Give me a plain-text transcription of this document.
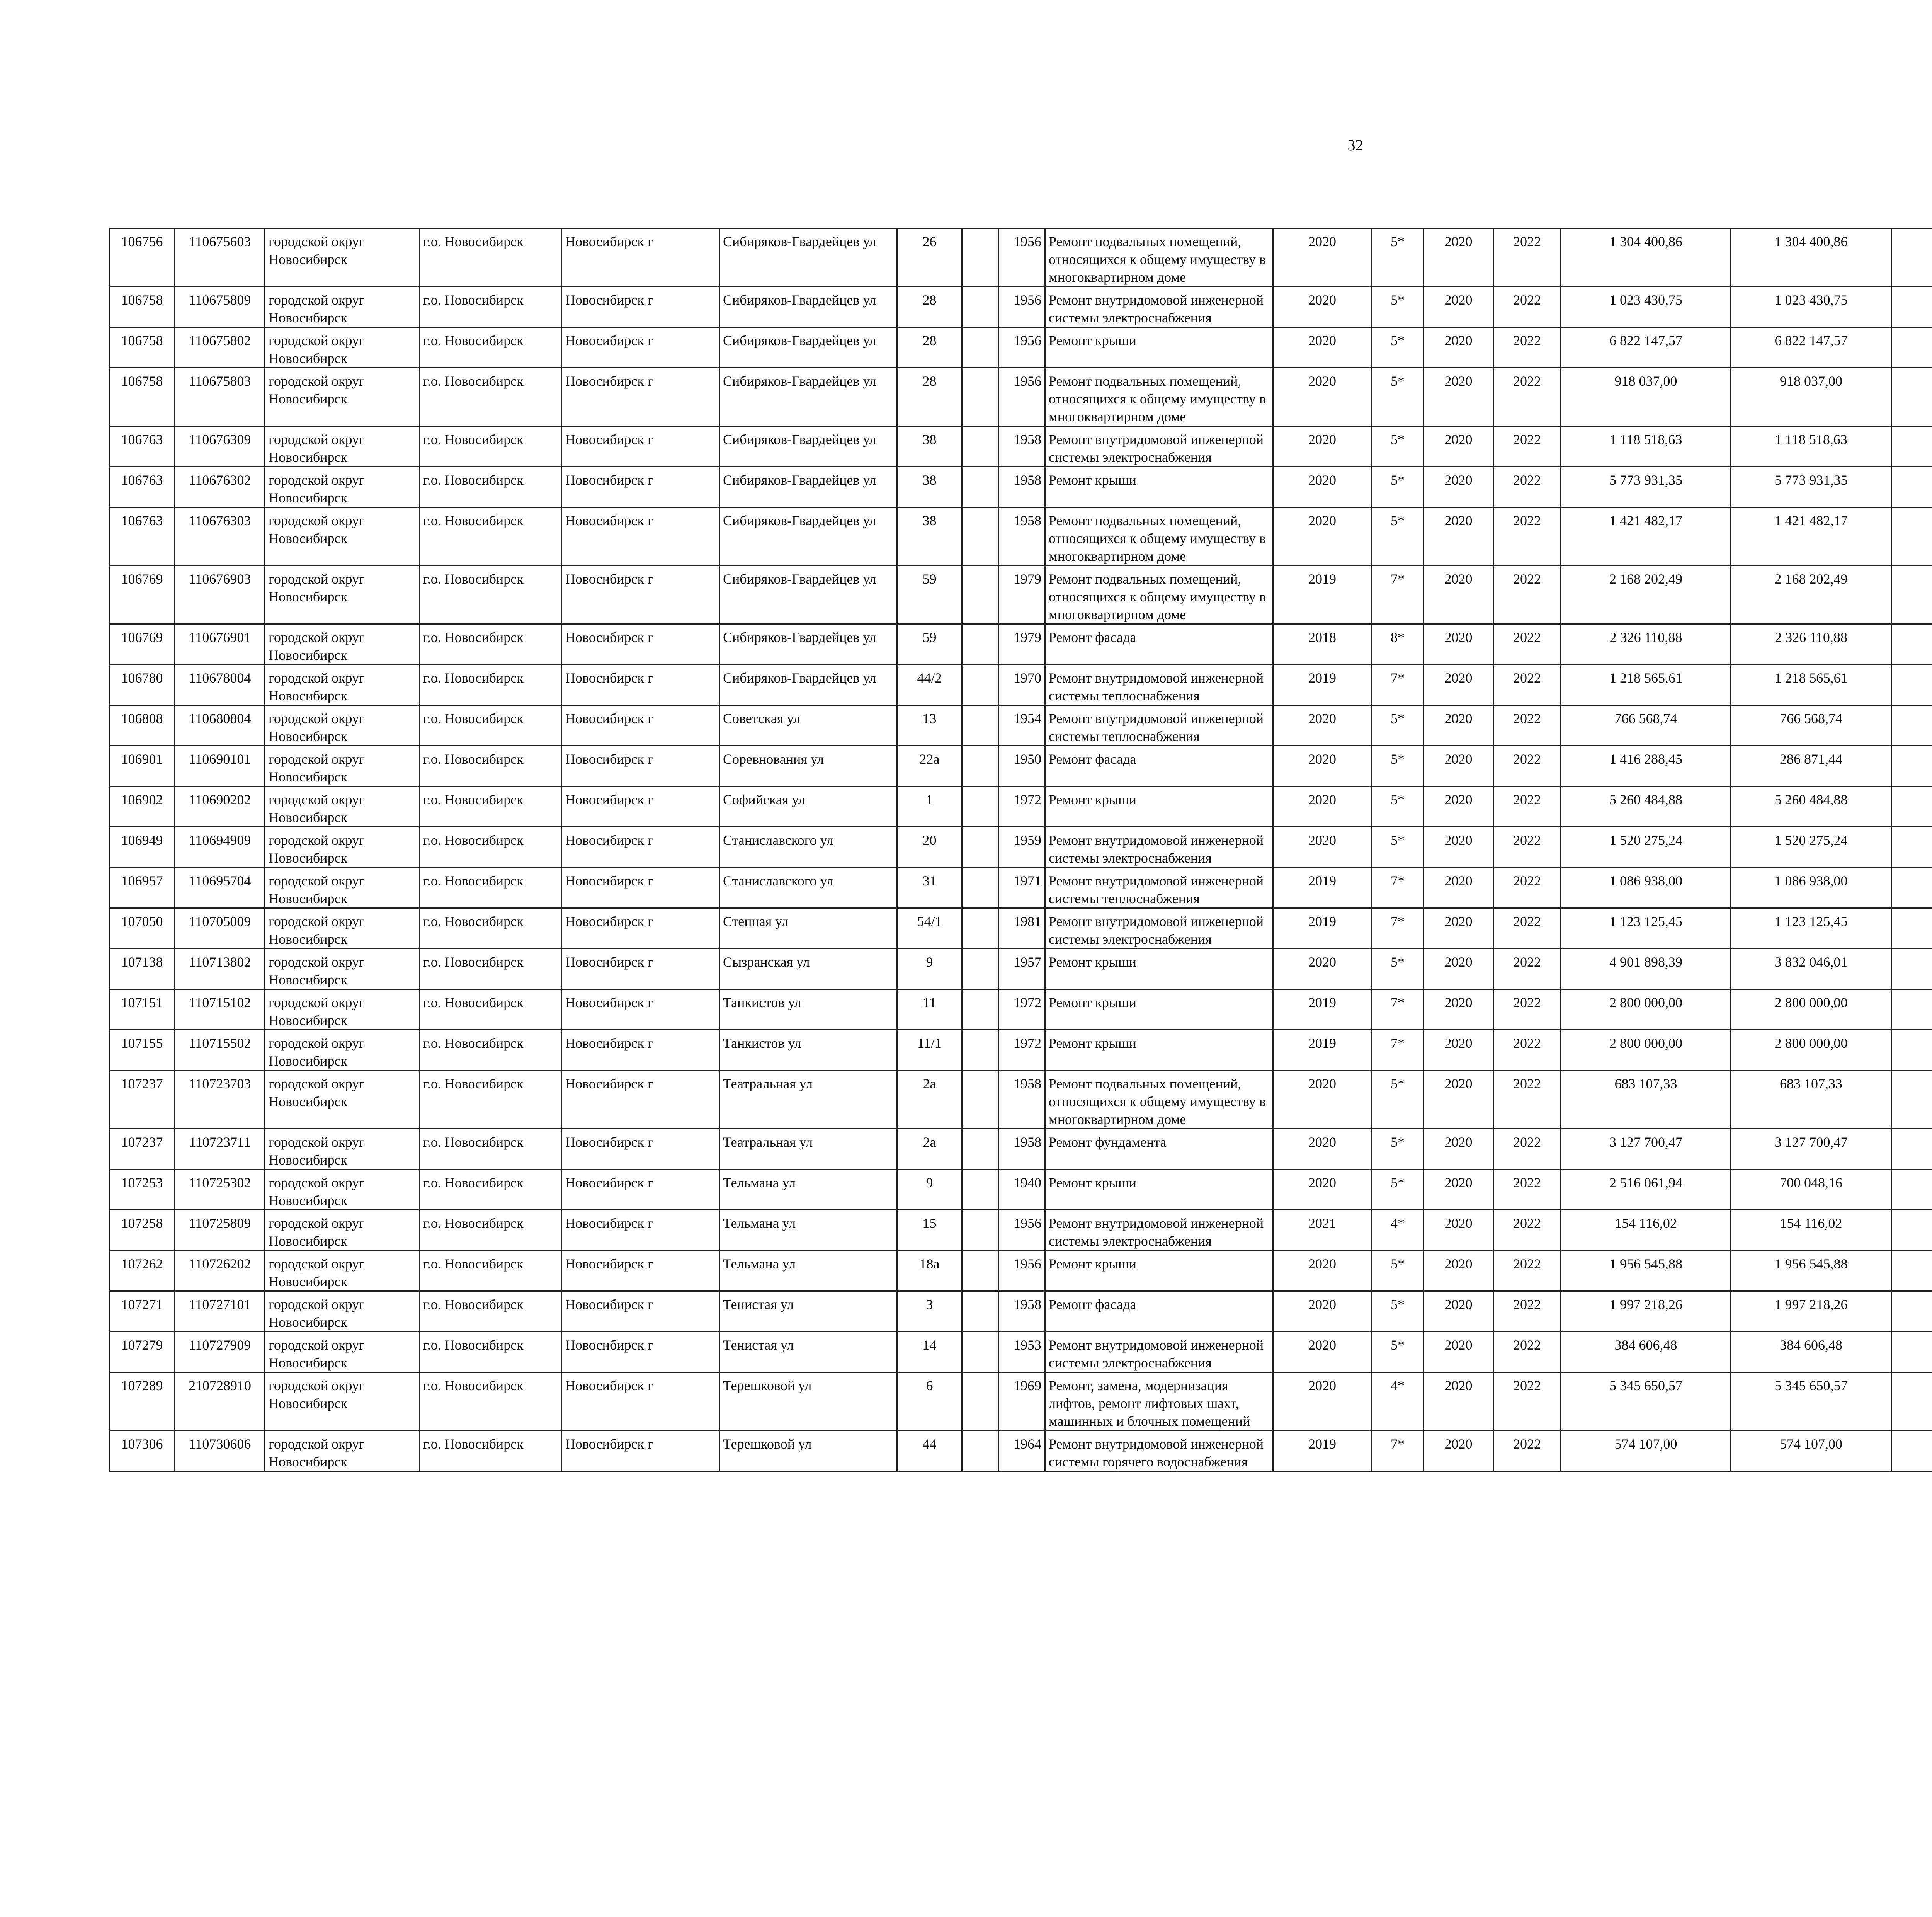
32
106756	110675603	городской округ Новосибирск	г.о. Новосибирск	Новосибирск г	Сибиряков-Гвардейцев ул	26		1956	Ремонт подвальных помещений, относящихся к общему имуществу в многоквартирном доме	2020	5*	2020	2022	1 304 400,86	1 304 400,86						
106758	110675809	городской округ Новосибирск	г.о. Новосибирск	Новосибирск г	Сибиряков-Гвардейцев ул	28		1956	Ремонт внутридомовой инженерной системы электроснабжения	2020	5*	2020	2022	1 023 430,75	1 023 430,75						
106758	110675802	городской округ Новосибирск	г.о. Новосибирск	Новосибирск г	Сибиряков-Гвардейцев ул	28		1956	Ремонт крыши	2020	5*	2020	2022	6 822 147,57	6 822 147,57						
106758	110675803	городской округ Новосибирск	г.о. Новосибирск	Новосибирск г	Сибиряков-Гвардейцев ул	28		1956	Ремонт подвальных помещений, относящихся к общему имуществу в многоквартирном доме	2020	5*	2020	2022	918 037,00	918 037,00						
106763	110676309	городской округ Новосибирск	г.о. Новосибирск	Новосибирск г	Сибиряков-Гвардейцев ул	38		1958	Ремонт внутридомовой инженерной системы электроснабжения	2020	5*	2020	2022	1 118 518,63	1 118 518,63						
106763	110676302	городской округ Новосибирск	г.о. Новосибирск	Новосибирск г	Сибиряков-Гвардейцев ул	38		1958	Ремонт крыши	2020	5*	2020	2022	5 773 931,35	5 773 931,35						
106763	110676303	городской округ Новосибирск	г.о. Новосибирск	Новосибирск г	Сибиряков-Гвардейцев ул	38		1958	Ремонт подвальных помещений, относящихся к общему имуществу в многоквартирном доме	2020	5*	2020	2022	1 421 482,17	1 421 482,17						
106769	110676903	городской округ Новосибирск	г.о. Новосибирск	Новосибирск г	Сибиряков-Гвардейцев ул	59		1979	Ремонт подвальных помещений, относящихся к общему имуществу в многоквартирном доме	2019	7*	2020	2022	2 168 202,49	2 168 202,49						
106769	110676901	городской округ Новосибирск	г.о. Новосибирск	Новосибирск г	Сибиряков-Гвардейцев ул	59		1979	Ремонт фасада	2018	8*	2020	2022	2 326 110,88	2 326 110,88						
106780	110678004	городской округ Новосибирск	г.о. Новосибирск	Новосибирск г	Сибиряков-Гвардейцев ул	44/2		1970	Ремонт внутридомовой инженерной системы теплоснабжения	2019	7*	2020	2022	1 218 565,61	1 218 565,61						
106808	110680804	городской округ Новосибирск	г.о. Новосибирск	Новосибирск г	Советская ул	13		1954	Ремонт внутридомовой инженерной системы теплоснабжения	2020	5*	2020	2022	766 568,74	766 568,74						
106901	110690101	городской округ Новосибирск	г.о. Новосибирск	Новосибирск г	Соревнования ул	22а		1950	Ремонт фасада	2020	5*	2020	2022	1 416 288,45	286 871,44						
106902	110690202	городской округ Новосибирск	г.о. Новосибирск	Новосибирск г	Софийская ул	1		1972	Ремонт крыши	2020	5*	2020	2022	5 260 484,88	5 260 484,88						
106949	110694909	городской округ Новосибирск	г.о. Новосибирск	Новосибирск г	Станиславского ул	20		1959	Ремонт внутридомовой инженерной системы электроснабжения	2020	5*	2020	2022	1 520 275,24	1 520 275,24						
106957	110695704	городской округ Новосибирск	г.о. Новосибирск	Новосибирск г	Станиславского ул	31		1971	Ремонт внутридомовой инженерной системы теплоснабжения	2019	7*	2020	2022	1 086 938,00	1 086 938,00						
107050	110705009	городской округ Новосибирск	г.о. Новосибирск	Новосибирск г	Степная ул	54/1		1981	Ремонт внутридомовой инженерной системы электроснабжения	2019	7*	2020	2022	1 123 125,45	1 123 125,45						
107138	110713802	городской округ Новосибирск	г.о. Новосибирск	Новосибирск г	Сызранская ул	9		1957	Ремонт крыши	2020	5*	2020	2022	4 901 898,39	3 832 046,01						
107151	110715102	городской округ Новосибирск	г.о. Новосибирск	Новосибирск г	Танкистов ул	11		1972	Ремонт крыши	2019	7*	2020	2022	2 800 000,00	2 800 000,00						
107155	110715502	городской округ Новосибирск	г.о. Новосибирск	Новосибирск г	Танкистов ул	11/1		1972	Ремонт крыши	2019	7*	2020	2022	2 800 000,00	2 800 000,00						
107237	110723703	городской округ Новосибирск	г.о. Новосибирск	Новосибирск г	Театральная ул	2а		1958	Ремонт подвальных помещений, относящихся к общему имуществу в многоквартирном доме	2020	5*	2020	2022	683 107,33	683 107,33						
107237	110723711	городской округ Новосибирск	г.о. Новосибирск	Новосибирск г	Театральная ул	2а		1958	Ремонт фундамента	2020	5*	2020	2022	3 127 700,47	3 127 700,47						
107253	110725302	городской округ Новосибирск	г.о. Новосибирск	Новосибирск г	Тельмана ул	9		1940	Ремонт крыши	2020	5*	2020	2022	2 516 061,94	700 048,16						
107258	110725809	городской округ Новосибирск	г.о. Новосибирск	Новосибирск г	Тельмана ул	15		1956	Ремонт внутридомовой инженерной системы электроснабжения	2021	4*	2020	2022	154 116,02	154 116,02						
107262	110726202	городской округ Новосибирск	г.о. Новосибирск	Новосибирск г	Тельмана ул	18а		1956	Ремонт крыши	2020	5*	2020	2022	1 956 545,88	1 956 545,88						
107271	110727101	городской округ Новосибирск	г.о. Новосибирск	Новосибирск г	Тенистая ул	3		1958	Ремонт фасада	2020	5*	2020	2022	1 997 218,26	1 997 218,26						
107279	110727909	городской округ Новосибирск	г.о. Новосибирск	Новосибирск г	Тенистая ул	14		1953	Ремонт внутридомовой инженерной системы электроснабжения	2020	5*	2020	2022	384 606,48	384 606,48						
107289	210728910	городской округ Новосибирск	г.о. Новосибирск	Новосибирск г	Терешковой ул	6		1969	Ремонт, замена, модернизация лифтов, ремонт лифтовых шахт, машинных и блочных помещений	2020	4*	2020	2022	5 345 650,57	5 345 650,57						
107306	110730606	городской округ Новосибирск	г.о. Новосибирск	Новосибирск г	Терешковой ул	44		1964	Ремонт внутридомовой инженерной системы горячего водоснабжения	2019	7*	2020	2022	574 107,00	574 107,00						
